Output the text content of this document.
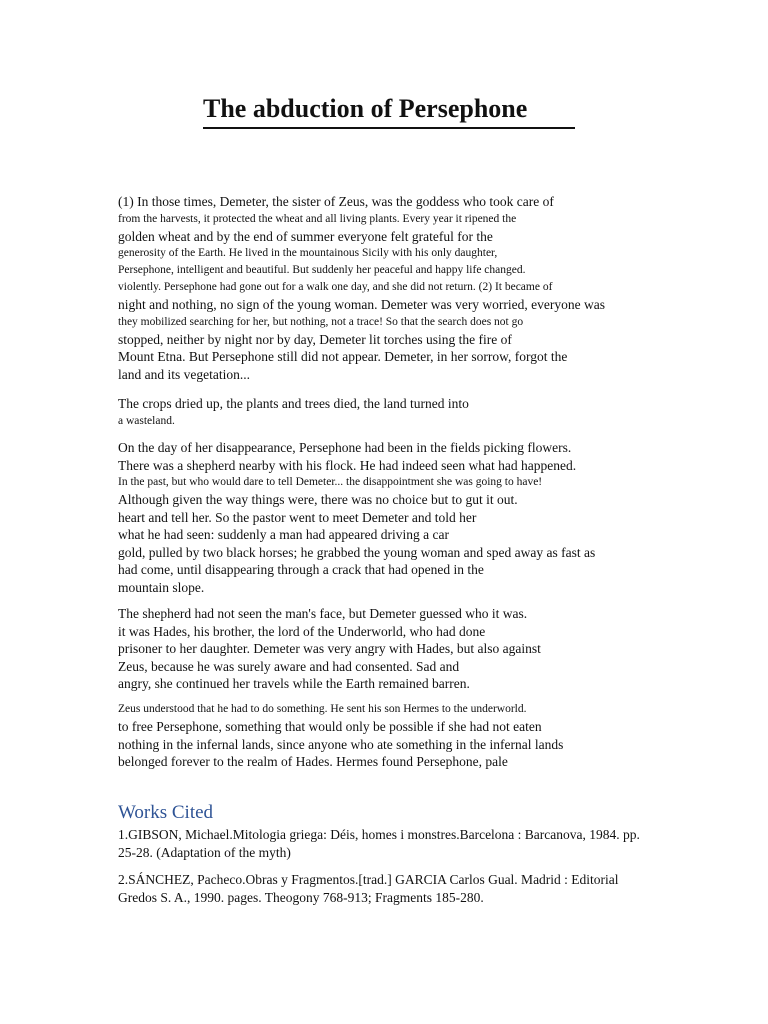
The abduction of Persephone
(1) In those times, Demeter, the sister of Zeus, was the goddess who took care of
from the harvests, it protected the wheat and all living plants. Every year it ripened the
golden wheat and by the end of summer everyone felt grateful for the
generosity of the Earth. He lived in the mountainous Sicily with his only daughter,
Persephone, intelligent and beautiful. But suddenly her peaceful and happy life changed.
violently. Persephone had gone out for a walk one day, and she did not return. (2) It became of
night and nothing, no sign of the young woman. Demeter was very worried, everyone was
they mobilized searching for her, but nothing, not a trace! So that the search does not go
stopped, neither by night nor by day, Demeter lit torches using the fire of
Mount Etna. But Persephone still did not appear. Demeter, in her sorrow, forgot the
land and its vegetation...
The crops dried up, the plants and trees died, the land turned into
a wasteland.
On the day of her disappearance, Persephone had been in the fields picking flowers.
There was a shepherd nearby with his flock. He had indeed seen what had happened.
In the past, but who would dare to tell Demeter... the disappointment she was going to have!
Although given the way things were, there was no choice but to gut it out.
heart and tell her. So the pastor went to meet Demeter and told her
what he had seen: suddenly a man had appeared driving a car
gold, pulled by two black horses; he grabbed the young woman and sped away as fast as
had come, until disappearing through a crack that had opened in the
mountain slope.
The shepherd had not seen the man's face, but Demeter guessed who it was.
it was Hades, his brother, the lord of the Underworld, who had done
prisoner to her daughter. Demeter was very angry with Hades, but also against
Zeus, because he was surely aware and had consented. Sad and
angry, she continued her travels while the Earth remained barren.
Zeus understood that he had to do something. He sent his son Hermes to the underworld.
to free Persephone, something that would only be possible if she had not eaten
nothing in the infernal lands, since anyone who ate something in the infernal lands
belonged forever to the realm of Hades. Hermes found Persephone, pale
Works Cited
1.GIBSON, Michael.Mitologia griega: Déis, homes i monstres.Barcelona : Barcanova, 1984. pp. 25-28. (Adaptation of the myth)
2.SÁNCHEZ, Pacheco.Obras y Fragmentos.[trad.] GARCIA Carlos Gual. Madrid : Editorial Gredos S. A., 1990. pages. Theogony 768-913; Fragments 185-280.
